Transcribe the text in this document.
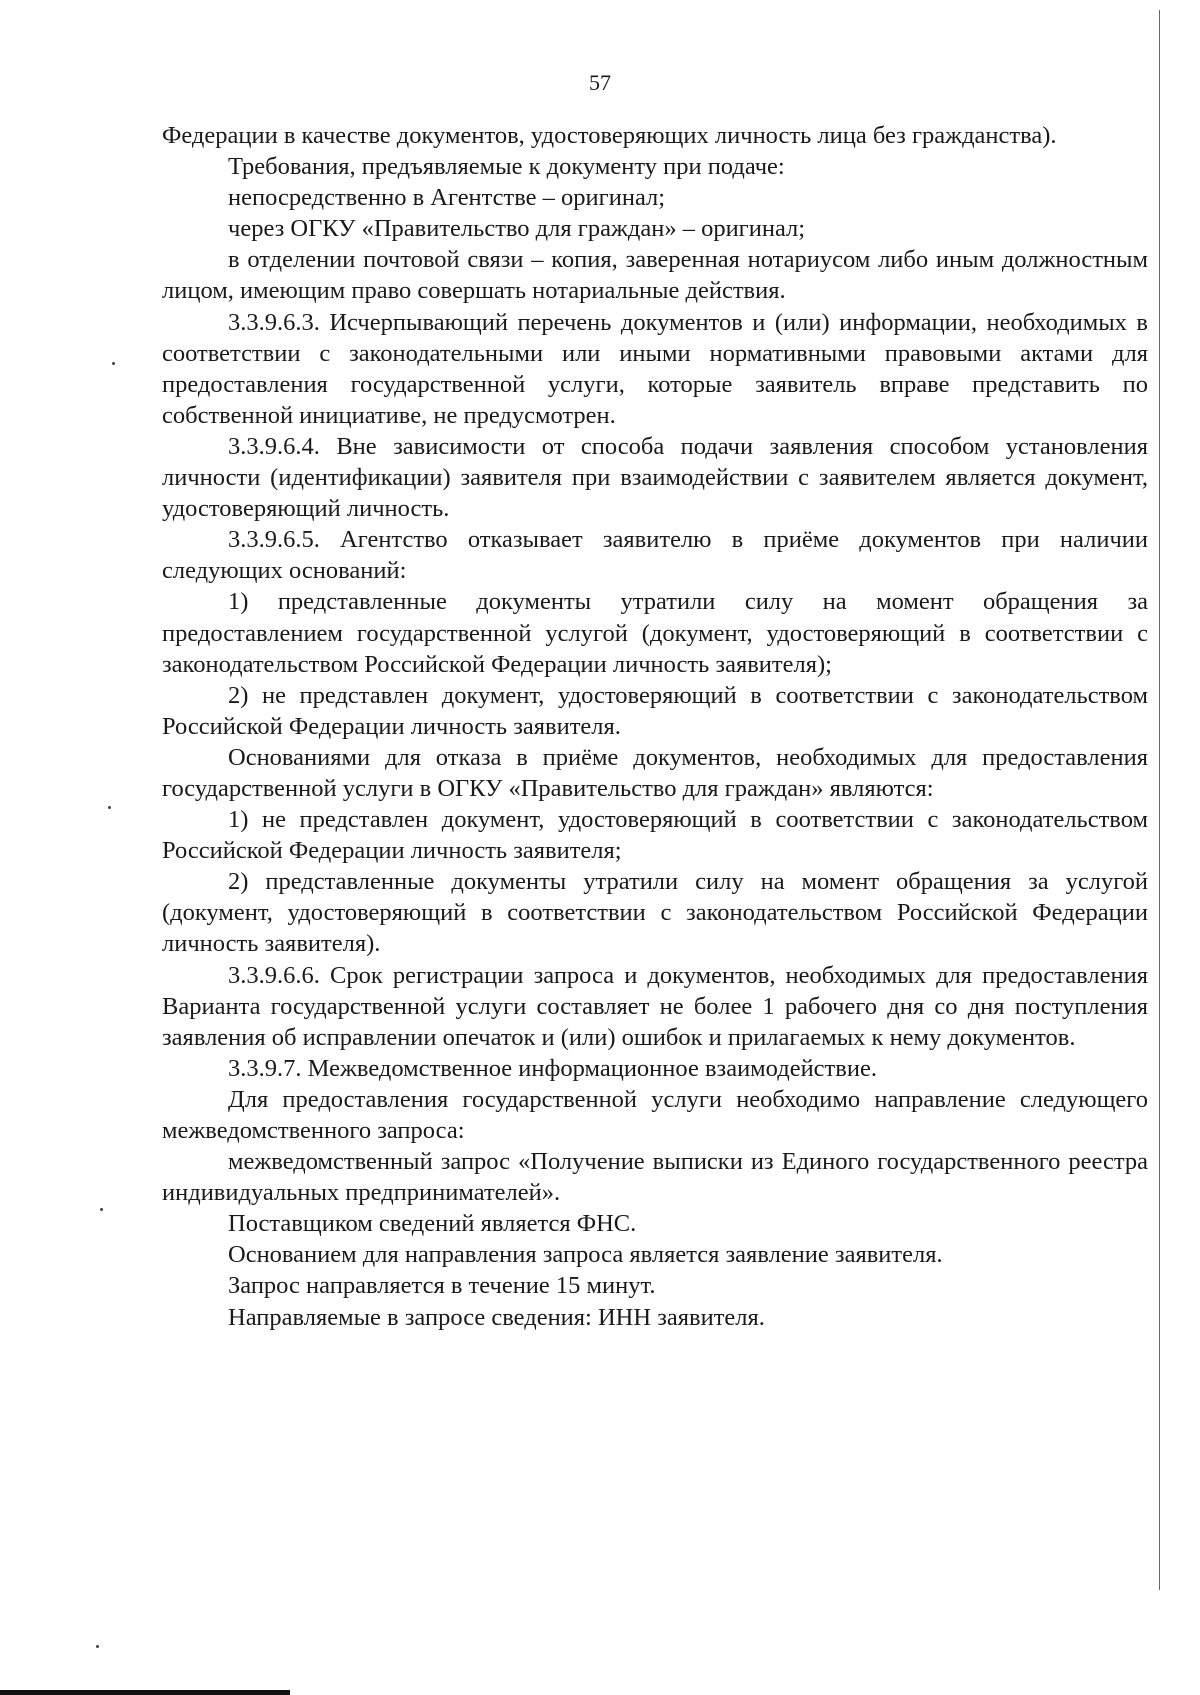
57

Федерации в качестве документов, удостоверяющих личность лица без гражданства).

Требования, предъявляемые к документу при подаче:

непосредственно в Агентстве – оригинал;

через ОГКУ «Правительство для граждан» – оригинал;

в отделении почтовой связи – копия, заверенная нотариусом либо иным должностным лицом, имеющим право совершать нотариальные действия.

3.3.9.6.3. Исчерпывающий перечень документов и (или) информации, необходимых в соответствии с законодательными или иными нормативными правовыми актами для предоставления государственной услуги, которые заявитель вправе представить по собственной инициативе, не предусмотрен.

3.3.9.6.4. Вне зависимости от способа подачи заявления способом установления личности (идентификации) заявителя при взаимодействии с заявителем является документ, удостоверяющий личность.

3.3.9.6.5. Агентство отказывает заявителю в приёме документов при наличии следующих оснований:

1) представленные документы утратили силу на момент обращения за предоставлением государственной услугой (документ, удостоверяющий в соответствии с законодательством Российской Федерации личность заявителя);

2) не представлен документ, удостоверяющий в соответствии с законодательством Российской Федерации личность заявителя.

Основаниями для отказа в приёме документов, необходимых для предоставления государственной услуги в ОГКУ «Правительство для граждан» являются:

1) не представлен документ, удостоверяющий в соответствии с законодательством Российской Федерации личность заявителя;

2) представленные документы утратили силу на момент обращения за услугой (документ, удостоверяющий в соответствии с законодательством Российской Федерации личность заявителя).

3.3.9.6.6. Срок регистрации запроса и документов, необходимых для предоставления Варианта государственной услуги составляет не более 1 рабочего дня со дня поступления заявления об исправлении опечаток и (или) ошибок и прилагаемых к нему документов.

3.3.9.7. Межведомственное информационное взаимодействие.

Для предоставления государственной услуги необходимо направление следующего межведомственного запроса:

межведомственный запрос «Получение выписки из Единого государственного реестра индивидуальных предпринимателей».

Поставщиком сведений является ФНС.

Основанием для направления запроса является заявление заявителя.

Запрос направляется в течение 15 минут.

Направляемые в запросе сведения: ИНН заявителя.
